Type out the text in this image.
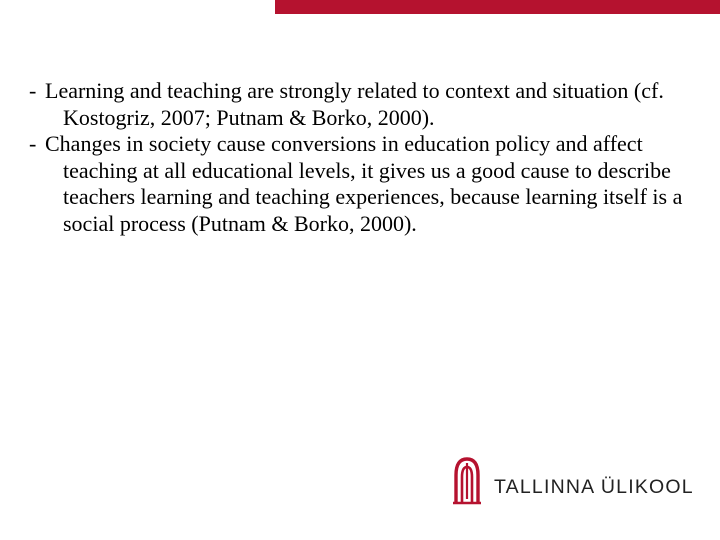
- Learning and teaching are strongly related to context and situation (cf. Kostogriz, 2007; Putnam & Borko, 2000).
- Changes in society cause conversions in education policy and affect teaching at all educational levels, it gives us a good cause to describe teachers learning and teaching experiences, because learning itself is a social process (Putnam & Borko, 2000).
TALLINNA ÜLIKOOL
